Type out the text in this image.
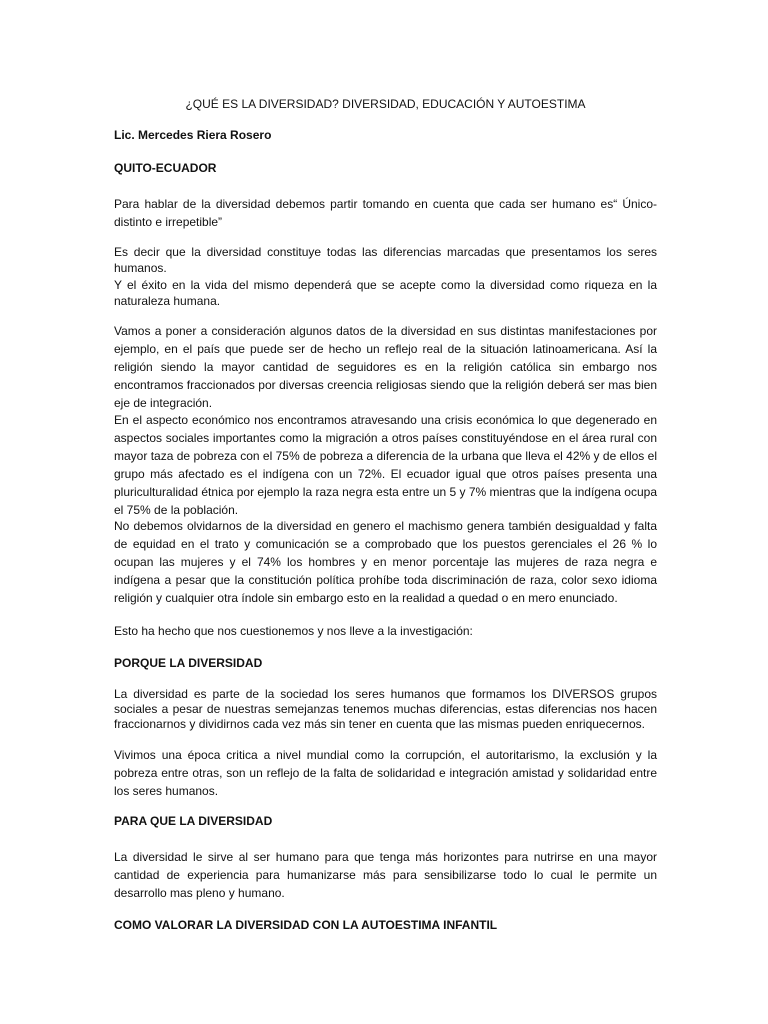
¿QUÉ ES LA DIVERSIDAD? DIVERSIDAD, EDUCACIÓN Y AUTOESTIMA

Lic. Mercedes Riera Rosero

QUITO-ECUADOR

Para hablar de la diversidad debemos partir tomando en cuenta que cada ser humano es“ Único-distinto e irrepetible”

Es decir que la diversidad constituye todas las diferencias marcadas que presentamos los seres humanos.

Y el éxito en la vida del mismo dependerá que se acepte como la diversidad como riqueza en la naturaleza humana.

Vamos a poner a consideración algunos datos de la diversidad en sus distintas manifestaciones por ejemplo, en el país que puede ser de hecho un reflejo real de la situación latinoamericana. Así la religión siendo la mayor cantidad de seguidores es en la religión católica sin embargo nos encontramos fraccionados por diversas creencia religiosas siendo que la religión deberá ser mas bien eje de integración.

En el aspecto económico nos encontramos atravesando una crisis económica lo que degenerado en aspectos sociales importantes como la migración a otros países constituyéndose en el área rural con mayor taza de pobreza con el 75% de pobreza a diferencia de la urbana que lleva el 42% y de ellos el grupo más afectado es el indígena con un 72%. El ecuador igual que otros países presenta una pluriculturalidad étnica por ejemplo la raza negra esta entre un 5 y 7% mientras que la indígena ocupa el 75% de la población.

No debemos olvidarnos de la diversidad en genero el machismo genera también desigualdad y falta de equidad en el trato y comunicación se a comprobado que los puestos gerenciales el 26 % lo ocupan las mujeres y el 74% los hombres y en menor porcentaje las mujeres de raza negra e indígena a pesar que la constitución política prohíbe toda discriminación de raza, color sexo idioma religión y cualquier otra índole sin embargo esto en la realidad a quedad o en mero enunciado.

Esto ha hecho que nos cuestionemos y nos lleve a la investigación:

PORQUE LA DIVERSIDAD

La diversidad es parte de la sociedad los seres humanos que formamos los DIVERSOS grupos sociales a pesar de nuestras semejanzas tenemos muchas diferencias, estas diferencias nos hacen fraccionarnos y dividirnos cada vez más sin tener en cuenta que las mismas pueden enriquecernos.

Vivimos una época critica a nivel mundial como la corrupción, el autoritarismo, la exclusión y la pobreza entre otras, son un reflejo de la falta de solidaridad e integración amistad y solidaridad entre los seres humanos.

PARA QUE LA DIVERSIDAD

La diversidad le sirve al ser humano para que tenga más horizontes para nutrirse en una mayor cantidad de experiencia para humanizarse más para sensibilizarse todo lo cual le permite un desarrollo mas pleno y humano.

COMO VALORAR LA DIVERSIDAD CON LA AUTOESTIMA INFANTIL
